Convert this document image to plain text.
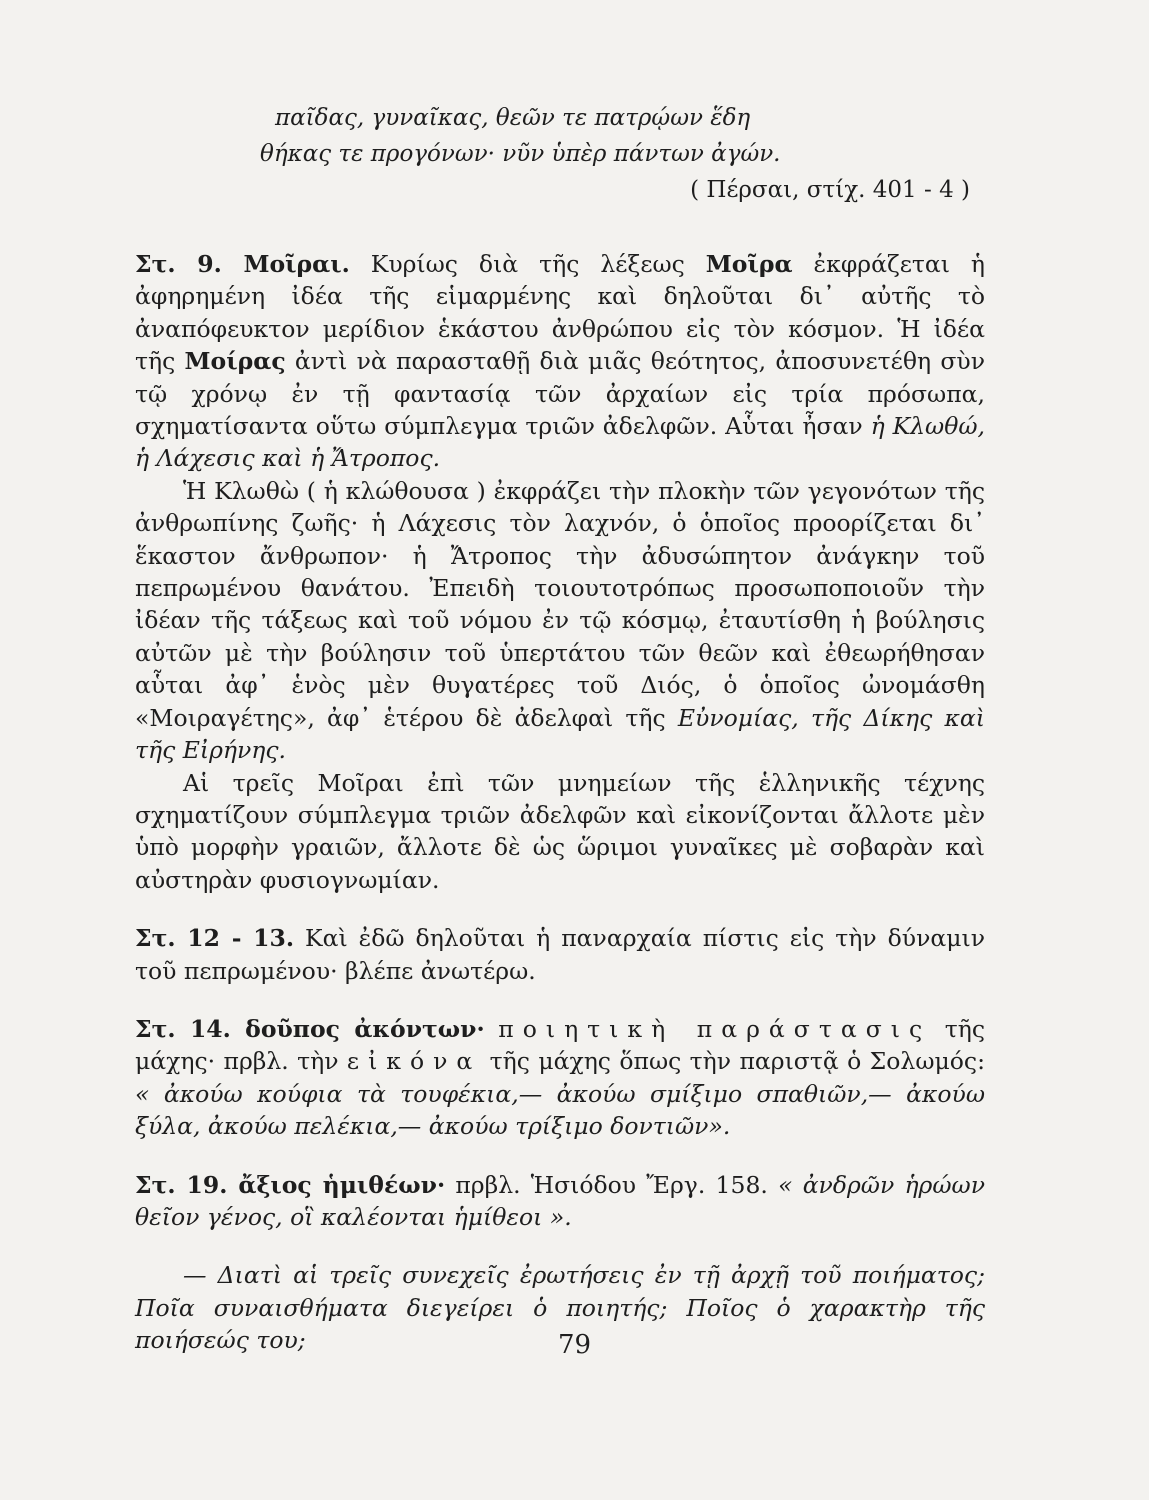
παῖδας, γυναῖκας, θεῶν τε πατρῴων ἕδη
θήκας τε προγόνων· νῦν ὑπὲρ πάντων ἀγών.
( Πέρσαι, στίχ. 401 - 4 )

Στ. 9. Μοῖραι. Κυρίως διὰ τῆς λέξεως Μοῖρα ἐκφράζεται ἡ ἀφηρημένη ἰδέα τῆς εἱμαρμένης καὶ δηλοῦται δι᾿ αὐτῆς τὸ ἀναπόφευκτον μερίδιον ἑκάστου ἀνθρώπου εἰς τὸν κόσμον. Ἡ ἰδέα τῆς Μοίρας ἀντὶ νὰ παρασταθῇ διὰ μιᾶς θεότητος, ἀποσυνετέθη σὺν τῷ χρόνῳ ἐν τῇ φαντασίᾳ τῶν ἀρχαίων εἰς τρία πρόσωπα, σχηματίσαντα οὕτω σύμπλεγμα τριῶν ἀδελφῶν. Αὗται ἦσαν ἡ Κλωθώ, ἡ Λάχεσις καὶ ἡ Ἄτροπος.

Ἡ Κλωθὼ ( ἡ κλώθουσα ) ἐκφράζει τὴν πλοκὴν τῶν γεγονότων τῆς ἀνθρωπίνης ζωῆς· ἡ Λάχεσις τὸν λαχνόν, ὁ ὁποῖος προορίζεται δι᾿ ἕκαστον ἄνθρωπον· ἡ Ἄτροπος τὴν ἀδυσώπητον ἀνάγκην τοῦ πεπρωμένου θανάτου. Ἐπειδὴ τοιουτοτρόπως προσωποποιοῦν τὴν ἰδέαν τῆς τάξεως καὶ τοῦ νόμου ἐν τῷ κόσμῳ, ἐταυτίσθη ἡ βούλησις αὐτῶν μὲ τὴν βούλησιν τοῦ ὑπερτάτου τῶν θεῶν καὶ ἐθεωρήθησαν αὗται ἀφ᾿ ἑνὸς μὲν θυγατέρες τοῦ Διός, ὁ ὁποῖος ὠνομάσθη «Μοιραγέτης», ἀφ᾿ ἑτέρου δὲ ἀδελφαὶ τῆς Εὐνομίας, τῆς Δίκης καὶ τῆς Εἰρήνης.

Αἱ τρεῖς Μοῖραι ἐπὶ τῶν μνημείων τῆς ἑλληνικῆς τέχνης σχηματίζουν σύμπλεγμα τριῶν ἀδελφῶν καὶ εἰκονίζονται ἄλλοτε μὲν ὑπὸ μορφὴν γραιῶν, ἄλλοτε δὲ ὡς ὥριμοι γυναῖκες μὲ σοβαρὰν καὶ αὐστηρὰν φυσιογνωμίαν.

Στ. 12 - 13. Καὶ ἐδῶ δηλοῦται ἡ παναρχαία πίστις εἰς τὴν δύναμιν τοῦ πεπρωμένου· βλέπε ἀνωτέρω.

Στ. 14. δοῦπος ἀκόντων· ποιητικὴ παράστασις τῆς μάχης· πρβλ. τὴν εἰκόνα τῆς μάχης ὅπως τὴν παριστᾷ ὁ Σολωμός: « ἀκούω κούφια τὰ τουφέκια,— ἀκούω σμίξιμο σπαθιῶν,— ἀκούω ξύλα, ἀκούω πελέκια,— ἀκούω τρίξιμο δοντιῶν».

Στ. 19. ἄξιος ἡμιθέων· πρβλ. Ἡσιόδου Ἔργ. 158. « ἀνδρῶν ἡρώων θεῖον γένος, οἳ καλέονται ἡμίθεοι ».

— Διατὶ αἱ τρεῖς συνεχεῖς ἐρωτήσεις ἐν τῇ ἀρχῇ τοῦ ποιήματος; Ποῖα συναισθήματα διεγείρει ὁ ποιητής; Ποῖος ὁ χαρακτὴρ τῆς ποιήσεώς του;	79
